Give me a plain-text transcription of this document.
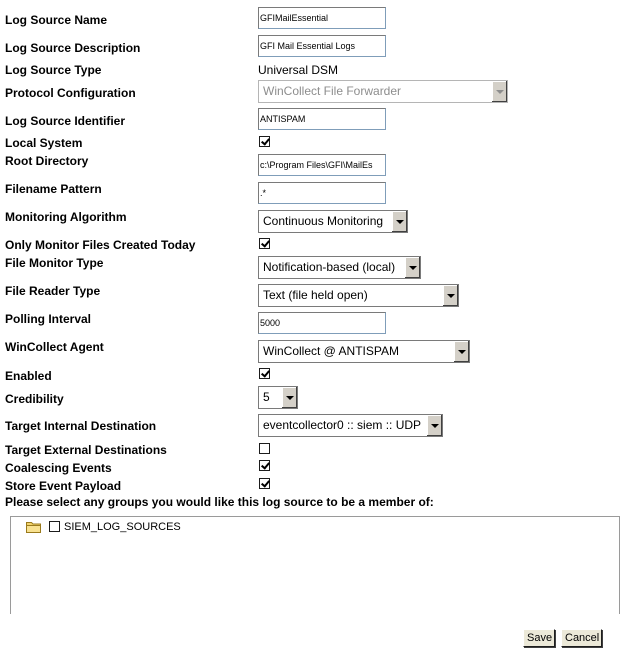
Log Source Name
Log Source Description
Log Source Type
Protocol Configuration
Log Source Identifier
Local System
Root Directory
Filename Pattern
Monitoring Algorithm
Only Monitor Files Created Today
File Monitor Type
File Reader Type
Polling Interval
WinCollect Agent
Enabled
Credibility
Target Internal Destination
Target External Destinations
Coalescing Events
Store Event Payload
Please select any groups you would like this log source to be a member of:
GFIMailEssential
GFI Mail Essential Logs
Universal DSM
WinCollect File Forwarder
ANTISPAM
c:\Program Files\GFI\MailEs
.*
Continuous Monitoring
Notification-based (local)
Text (file held open)
5000
WinCollect @ ANTISPAM
5
eventcollector0 :: siem :: UDP
SIEM_LOG_SOURCES
Save	Cancel
